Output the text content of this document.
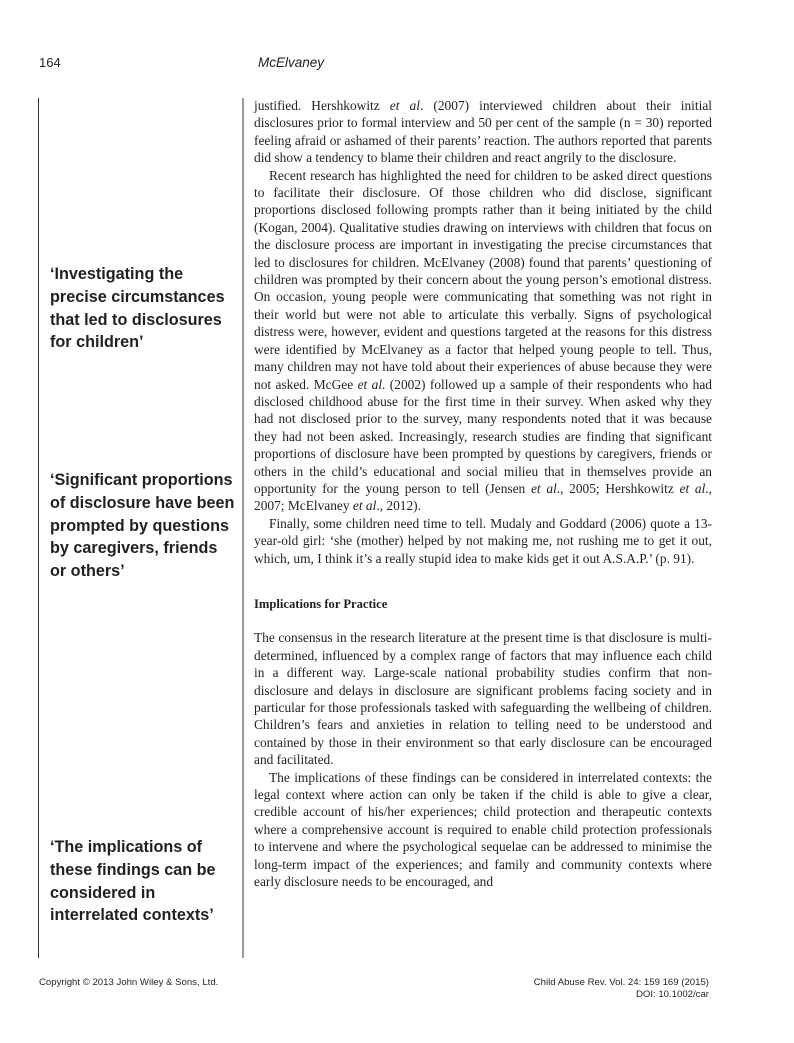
164	McElvaney
‘Investigating the precise circumstances that led to disclosures for children’
‘Significant proportions of disclosure have been prompted by questions by caregivers, friends or others’
‘The implications of these findings can be considered in interrelated contexts’

justified. Hershkowitz et al. (2007) interviewed children about their initial disclosures prior to formal interview and 50 per cent of the sample (n = 30) reported feeling afraid or ashamed of their parents’ reaction. The authors reported that parents did show a tendency to blame their children and react angrily to the disclosure.

Recent research has highlighted the need for children to be asked direct questions to facilitate their disclosure. Of those children who did disclose, significant proportions disclosed following prompts rather than it being initiated by the child (Kogan, 2004). Qualitative studies drawing on interviews with children that focus on the disclosure process are important in investigating the precise circumstances that led to disclosures for children. McElvaney (2008) found that parents’ questioning of children was prompted by their concern about the young person’s emotional distress. On occasion, young people were communicating that something was not right in their world but were not able to articulate this verbally. Signs of psychological distress were, however, evident and questions targeted at the reasons for this distress were identified by McElvaney as a factor that helped young people to tell. Thus, many children may not have told about their experiences of abuse because they were not asked. McGee et al. (2002) followed up a sample of their respondents who had disclosed childhood abuse for the first time in their survey. When asked why they had not disclosed prior to the survey, many respondents noted that it was because they had not been asked. Increasingly, research studies are finding that significant proportions of disclosure have been prompted by questions by caregivers, friends or others in the child’s educational and social milieu that in themselves provide an opportunity for the young person to tell (Jensen et al., 2005; Hershkowitz et al., 2007; McElvaney et al., 2012).

Finally, some children need time to tell. Mudaly and Goddard (2006) quote a 13-year-old girl: ‘she (mother) helped by not making me, not rushing me to get it out, which, um, I think it’s a really stupid idea to make kids get it out A.S.A.P.’ (p. 91).

Implications for Practice

The consensus in the research literature at the present time is that disclosure is multi-determined, influenced by a complex range of factors that may influence each child in a different way. Large-scale national probability studies confirm that non-disclosure and delays in disclosure are significant problems facing society and in particular for those professionals tasked with safeguarding the wellbeing of children. Children’s fears and anxieties in relation to telling need to be understood and contained by those in their environment so that early disclosure can be encouraged and facilitated.

The implications of these findings can be considered in interrelated contexts: the legal context where action can only be taken if the child is able to give a clear, credible account of his/her experiences; child protection and therapeutic contexts where a comprehensive account is required to enable child protection professionals to intervene and where the psychological sequelae can be addressed to minimise the long-term impact of the experiences; and family and community contexts where early disclosure needs to be encouraged, and

Copyright © 2013 John Wiley & Sons, Ltd.	Child Abuse Rev. Vol. 24: 159 169 (2015)
DOI: 10.1002/car
